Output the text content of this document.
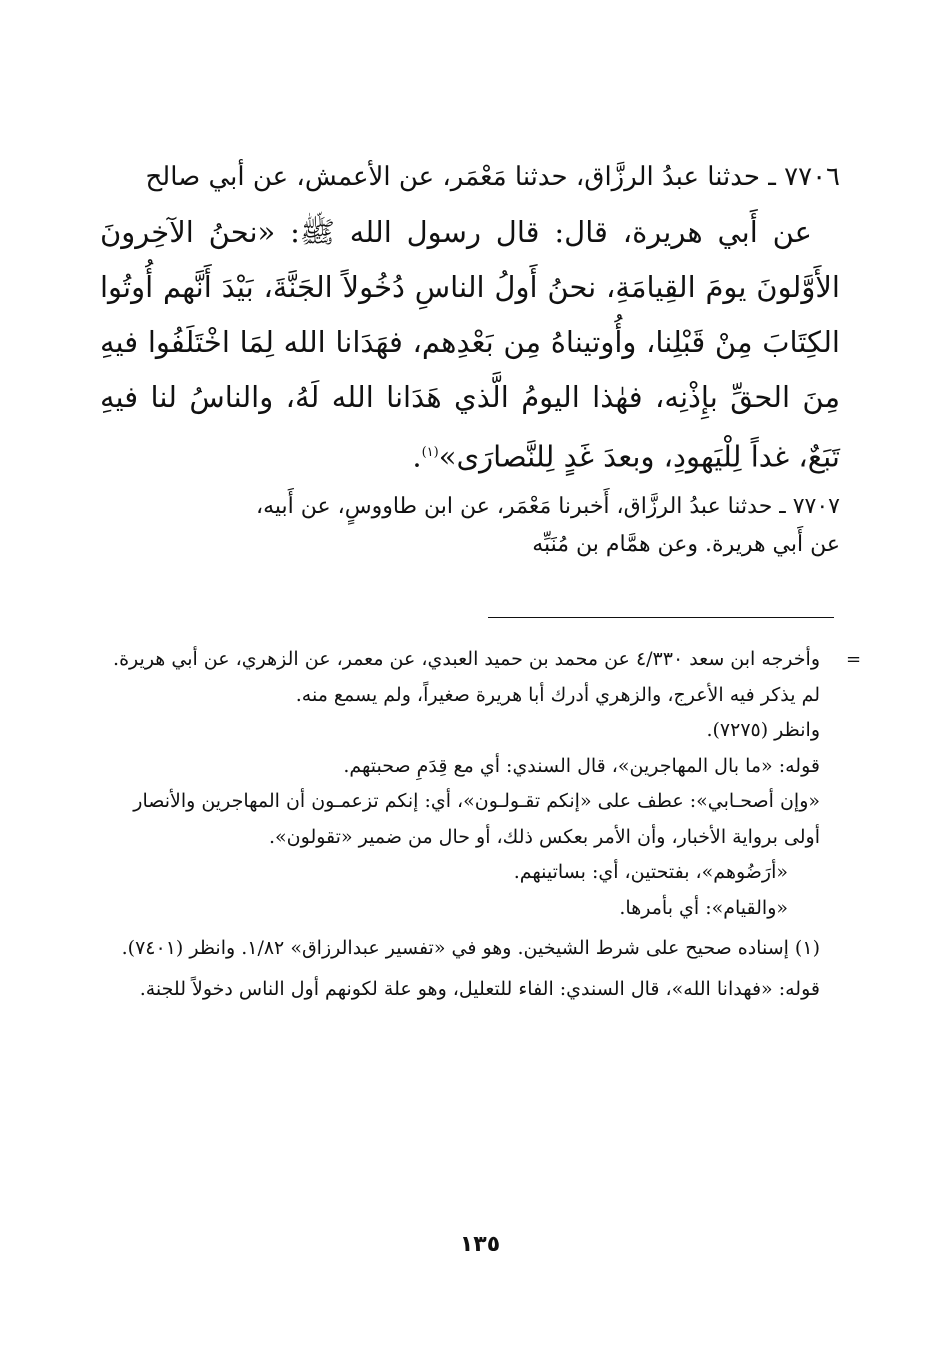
٧٧٠٦ ـ حدثنا عبدُ الرزَّاق، حدثنا مَعْمَر، عن الأعمش، عن أبي صالح
عن أَبي هريرة، قال: قال رسول الله ﷺ: «نحنُ الآخِرونَ الأَوَّلونَ يومَ القِيامَةِ، نحنُ أَولُ الناسِ دُخُولاً الجَنَّةَ، بَيْدَ أَنَّهم أُوتُوا الكِتَابَ مِنْ قَبْلِنا، وأُوتيناهُ مِن بَعْدِهم، فهَدَانا الله لِمَا اخْتَلَفُوا فيهِ مِنَ الحقِّ بإِذْنِه، فهٰذا اليومُ الَّذي هَدَانا الله لَهُ، والناسُ لنا فيهِ تَبَعٌ، غداً لِلْيَهودِ، وبعدَ غَدٍ لِلنَّصارَى»$^{(١)}$.

٧٧٠٧ ـ حدثنا عبدُ الرزَّاق، أَخبرنا مَعْمَر، عن ابن طاووسٍ، عن أَبيه،
عن أَبي هريرة. وعن همَّام بن مُنَبِّه

=

وأخرجه ابن سعد ٤/٣٣٠ عن محمد بن حميد العبدي، عن معمر، عن الزهري، عن أبي هريرة. لم يذكر فيه الأعرج، والزهري أدرك أبا هريرة صغيراً، ولم يسمع منه.

وانظر (٧٢٧٥).

قوله: «ما بال المهاجرين»، قال السندي: أي مع قِدَمِ صحبتهم.

«وإن أصحـابي»: عطف على «إنكم تقـولـون»، أي: إنكم تزعمـون أن المهاجرين والأنصار أولى برواية الأخبار، وأن الأمر بعكس ذلك، أو حال من ضمير «تقولون».

«أرَضُوهم»، بفتحتين، أي: بساتينهم.

«والقيام»: أي بأمرها.

(١) إسناده صحيح على شرط الشيخين. وهو في «تفسير عبدالرزاق» ١/٨٢. وانظر (٧٤٠١).

قوله: «فهدانا الله»، قال السندي: الفاء للتعليل، وهو علة لكونهم أول الناس دخولاً للجنة.

١٣٥
